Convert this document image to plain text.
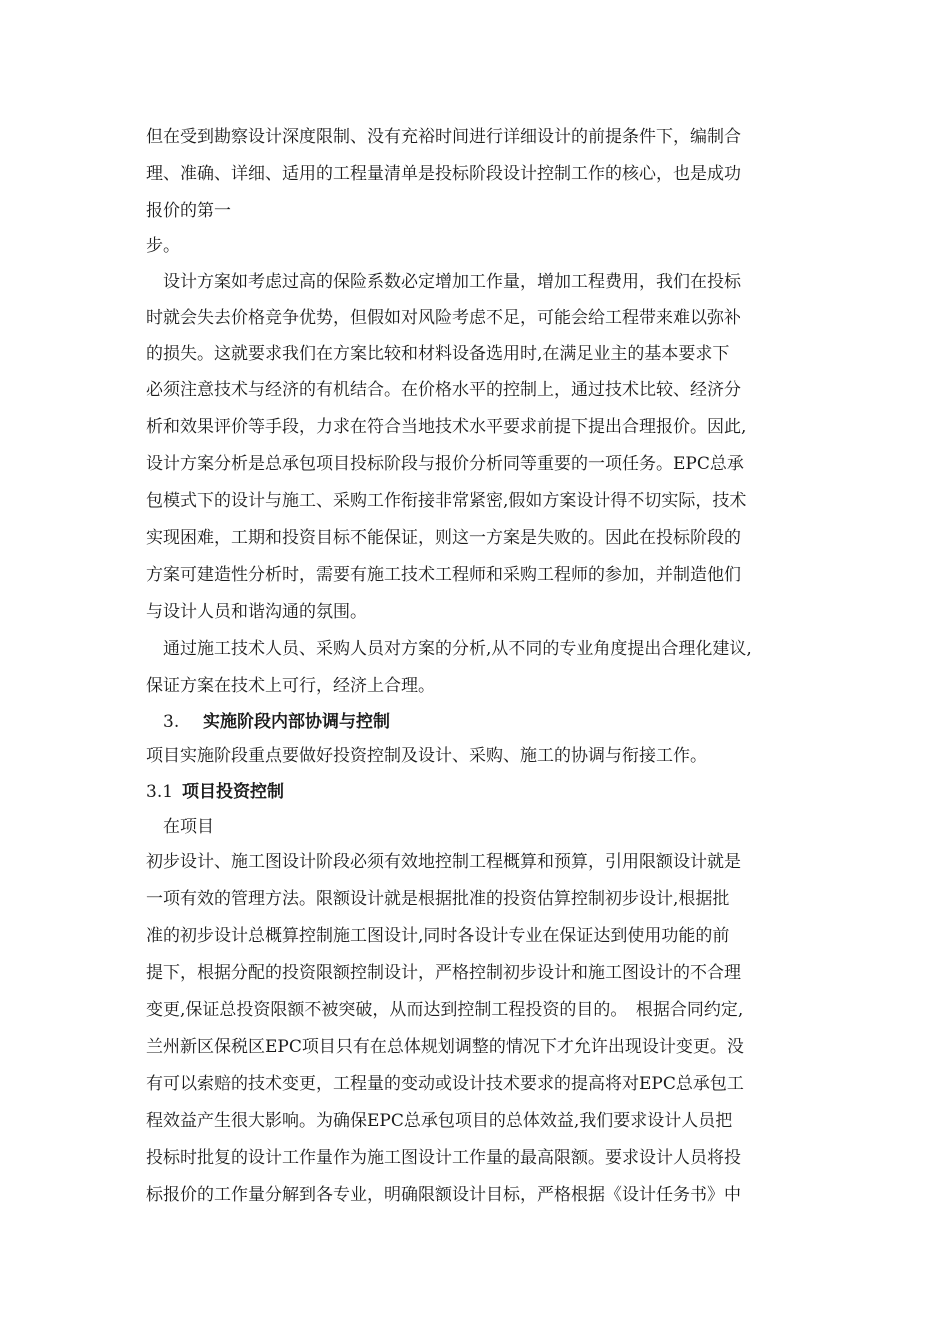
但在受到勘察设计深度限制、没有充裕时间进行详细设计的前提条件下，编制合
理、准确、详细、适用的工程量清单是投标阶段设计控制工作的核心，也是成功
报价的第一
步。
设计方案如考虑过高的保险系数必定增加工作量，增加工程费用，我们在投标
时就会失去价格竞争优势，但假如对风险考虑不足，可能会给工程带来难以弥补
的损失。这就要求我们在方案比较和材料设备选用时,在满足业主的基本要求下
必须注意技术与经济的有机结合。在价格水平的控制上，通过技术比较、经济分
析和效果评价等手段，力求在符合当地技术水平要求前提下提出合理报价。因此,
设计方案分析是总承包项目投标阶段与报价分析同等重要的一项任务。EPC总承
包模式下的设计与施工、采购工作衔接非常紧密,假如方案设计得不切实际，技术
实现困难，工期和投资目标不能保证，则这一方案是失败的。因此在投标阶段的
方案可建造性分析时，需要有施工技术工程师和采购工程师的参加，并制造他们
与设计人员和谐沟通的氛围。
通过施工技术人员、采购人员对方案的分析,从不同的专业角度提出合理化建议,
保证方案在技术上可行，经济上合理。
3. 实施阶段内部协调与控制
项目实施阶段重点要做好投资控制及设计、采购、施工的协调与衔接工作。
3.1 项目投资控制
在项目
初步设计、施工图设计阶段必须有效地控制工程概算和预算，引用限额设计就是
一项有效的管理方法。限额设计就是根据批准的投资估算控制初步设计,根据批
准的初步设计总概算控制施工图设计,同时各设计专业在保证达到使用功能的前
提下，根据分配的投资限额控制设计，严格控制初步设计和施工图设计的不合理
变更,保证总投资限额不被突破，从而达到控制工程投资的目的。　根据合同约定,
兰州新区保税区EPC项目只有在总体规划调整的情况下才允许出现设计变更。没
有可以索赔的技术变更，工程量的变动或设计技术要求的提高将对EPC总承包工
程效益产生很大影响。为确保EPC总承包项目的总体效益,我们要求设计人员把
投标时批复的设计工作量作为施工图设计工作量的最高限额。要求设计人员将投
标报价的工作量分解到各专业，明确限额设计目标，严格根据《设计任务书》中
